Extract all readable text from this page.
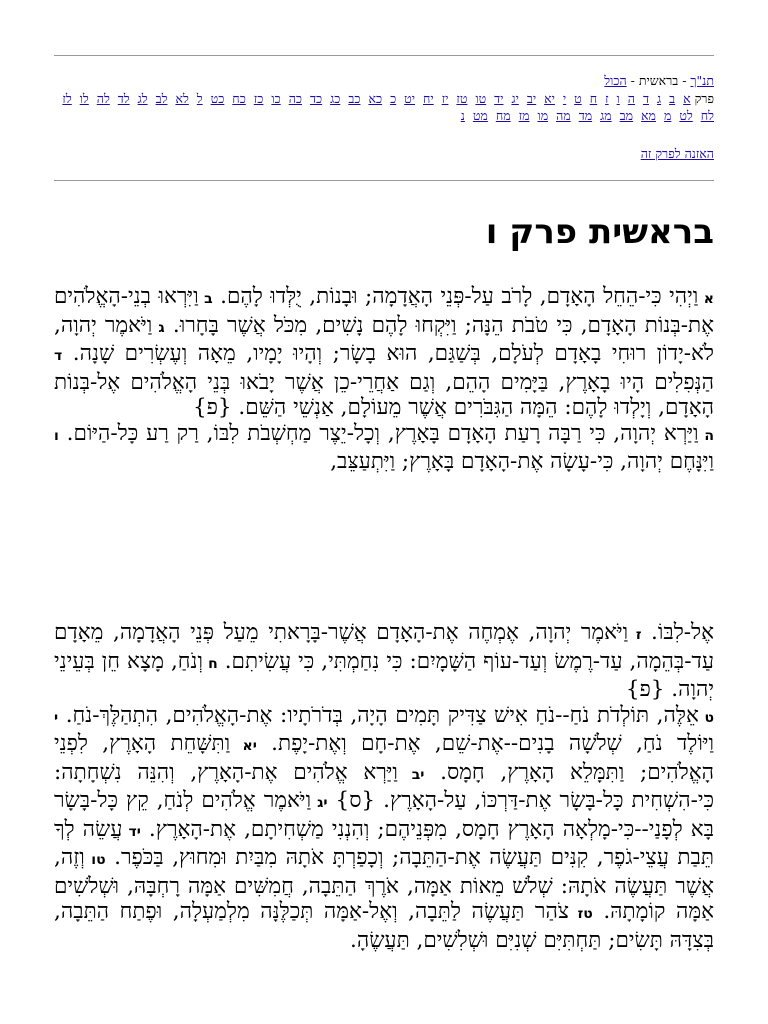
תנ"ך - בראשית - הכול
פרק א ב ג ד ה ו ז ח ט י יא יב יג יד טו טז יז יח יט כ כא כב כג כד כה כו כז כח כט ל לא לב לג לד לה לו לז לח לט מ מא מב מג מד מה מו מז מח מט נ
האזנה לפרק זה
בראשית פרק ו

א וַיְהִי כִּי-הֵחֵל הָאָדָם, לָרֹב עַל-פְּנֵי הָאֲדָמָה; וּבָנוֹת, יֻלְּדוּ לָהֶם. ב וַיִּרְאוּ בְנֵי-הָאֱלֹהִים אֶת-בְּנוֹת הָאָדָם, כִּי טֹבֹת הֵנָּה; וַיִּקְחוּ לָהֶם נָשִׁים, מִכֹּל אֲשֶׁר בָּחָרוּ. ג וַיֹּאמֶר יְהוָה, לֹא-יָדוֹן רוּחִי בָאָדָם לְעֹלָם, בְּשַׁגַּם, הוּא בָשָׂר; וְהָיוּ יָמָיו, מֵאָה וְעֶשְׂרִים שָׁנָה. ד הַנְּפִלִים הָיוּ בָאָרֶץ, בַּיָּמִים הָהֵם, וְגַם אַחֲרֵי-כֵן אֲשֶׁר יָבֹאוּ בְּנֵי הָאֱלֹהִים אֶל-בְּנוֹת הָאָדָם, וְיָלְדוּ לָהֶם: הֵמָּה הַגִּבֹּרִים אֲשֶׁר מֵעוֹלָם, אַנְשֵׁי הַשֵּׁם. {פ}

ה וַיַּרְא יְהוָה, כִּי רַבָּה רָעַת הָאָדָם בָּאָרֶץ, וְכָל-יֵצֶר מַחְשְׁבֹת לִבּוֹ, רַק רַע כָּל-הַיּוֹם. ו וַיִּנָּחֶם יְהוָה, כִּי-עָשָׂה אֶת-הָאָדָם בָּאָרֶץ; וַיִּתְעַצֵּב,

אֶל-לִבּוֹ. ז וַיֹּאמֶר יְהוָה, אֶמְחֶה אֶת-הָאָדָם אֲשֶׁר-בָּרָאתִי מֵעַל פְּנֵי הָאֲדָמָה, מֵאָדָם עַד-בְּהֵמָה, עַד-רֶמֶשׂ וְעַד-עוֹף הַשָּׁמָיִם: כִּי נִחַמְתִּי, כִּי עֲשִׂיתִם. ח וְנֹחַ, מָצָא חֵן בְּעֵינֵי יְהוָה. {פ}

ט אֵלֶּה, תּוֹלְדֹת נֹחַ--נֹחַ אִישׁ צַדִּיק תָּמִים הָיָה, בְּדֹרֹתָיו: אֶת-הָאֱלֹהִים, הִתְהַלֶּךְ-נֹחַ. י וַיּוֹלֶד נֹחַ, שְׁלֹשָׁה בָנִים--אֶת-שֵׁם, אֶת-חָם וְאֶת-יָפֶת. יא וַתִּשָּׁחֵת הָאָרֶץ, לִפְנֵי הָאֱלֹהִים; וַתִּמָּלֵא הָאָרֶץ, חָמָס. יב וַיַּרְא אֱלֹהִים אֶת-הָאָרֶץ, וְהִנֵּה נִשְׁחָתָה: כִּי-הִשְׁחִית כָּל-בָּשָׂר אֶת-דַּרְכּוֹ, עַל-הָאָרֶץ. {ס} יג וַיֹּאמֶר אֱלֹהִים לְנֹחַ, קֵץ כָּל-בָּשָׂר בָּא לְפָנַי--כִּי-מָלְאָה הָאָרֶץ חָמָס, מִפְּנֵיהֶם; וְהִנְנִי מַשְׁחִיתָם, אֶת-הָאָרֶץ. יד עֲשֵׂה לְךָ תֵּבַת עֲצֵי-גֹפֶר, קִנִּים תַּעֲשֶׂה אֶת-הַתֵּבָה; וְכָפַרְתָּ אֹתָהּ מִבַּיִת וּמִחוּץ, בַּכֹּפֶר. טו וְזֶה, אֲשֶׁר תַּעֲשֶׂה אֹתָהּ: שְׁלֹשׁ מֵאוֹת אַמָּה, אֹרֶךְ הַתֵּבָה, חֲמִשִּׁים אַמָּה רָחְבָּהּ, וּשְׁלֹשִׁים אַמָּה קוֹמָתָהּ. טז צֹהַר תַּעֲשֶׂה לַתֵּבָה, וְאֶל-אַמָּה תְּכַלֶּנָּה מִלְמַעְלָה, וּפֶתַח הַתֵּבָה, בְּצִדָּהּ תָּשִׂים; תַּחְתִּיִּם שְׁנִיִּם וּשְׁלִשִׁים, תַּעֲשֶׂהָ.
